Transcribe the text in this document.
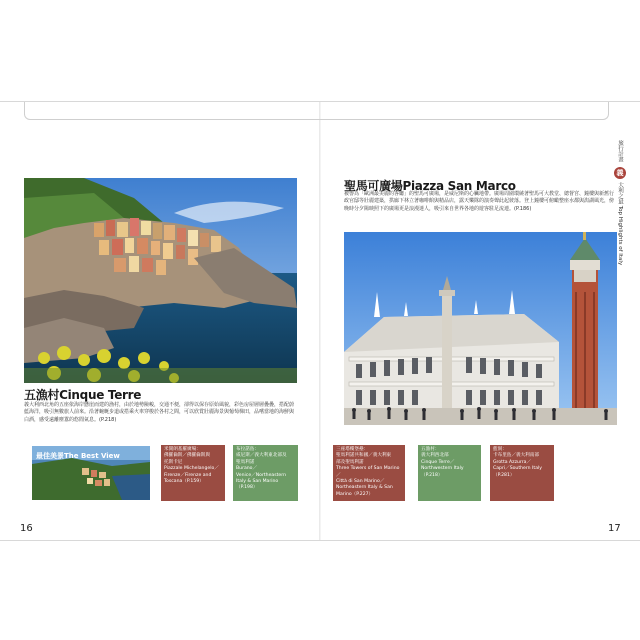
五漁村Cinque Terre

義大利西北角的五座依海岸懸崖而建的漁村，由於地勢險峻，交通不便，卻得以保存原始風貌，彩色房屋層層疊疊，搭配蔚藍海洋，吸引無數旅人前來。沿著蜿蜒步道或搭乘火車穿梭於各村之間，可以欣賞壯麗海景與葡萄梯田，品嚐當地的海鮮與白酒，感受遠離塵囂的悠閒氣息。(P.218)

聖馬可廣場Piazza San Marco

被譽為「歐洲最美麗的客廳」的聖馬可廣場，是威尼斯的心臟地帶。廣場周圍環繞著聖馬可大教堂、總督宮、鐘樓與新舊行政官邸等壯麗建築，拱廊下林立著咖啡館與精品店，露天樂隊的演奏聲此起彼落。登上鐘樓可俯瞰整座水都與潟湖風光，傍晚時分夕陽映照下的廣場更是浪漫迷人，吸引來自世界各地的遊客駐足流連。(P.186)

旅行計畫
義
大利之最 Top Highlights of Italy
最佳美景The Best View

米開朗基羅廣場：

佛羅倫斯／佛羅倫斯與

托斯卡尼

Piazzale Michelangelo／

Firenze／Firenze and

Toscana（P.159）

布拉諾島：

威尼斯／義大利東北部及

聖馬利諾

Burano／

Venice／Northeastern

Italy & San Marino（P.198）

三座塔樓堡壘：

聖馬利諾共和國／義大利東

部及聖馬利諾

Three Towers of San Marino／

Città di San Marino／

Northeastern Italy & San

Marino（P.227）

五漁村：

義大利西北部

Cinque Terre／

Northwestern Italy（P.218）

藍洞：

卡布里島／義大利南部

Grotta Azzurra／

Capri／Southern Italy

（P.281）

16	17
